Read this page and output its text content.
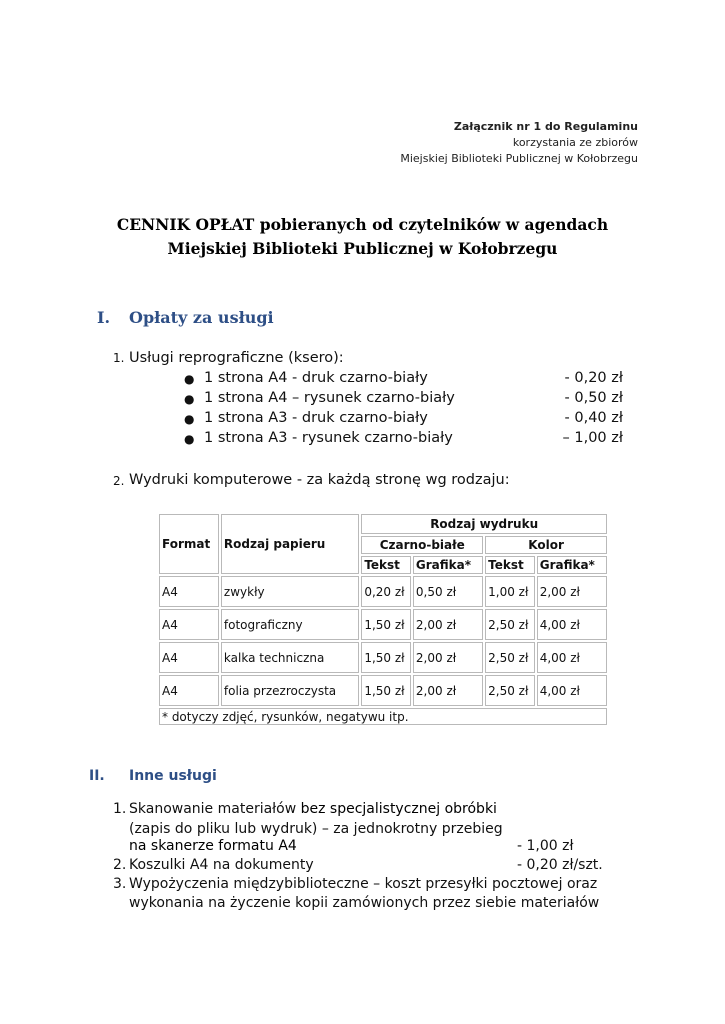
Załącznik nr 1 do Regulaminu
korzystania ze zbiorów
Miejskiej Biblioteki Publicznej w Kołobrzegu
CENNIK OPŁAT pobieranych od czytelników w agendach
Miejskiej Biblioteki Publicznej w Kołobrzegu
I. Opłaty za usługi
1. Usługi reprograficzne (ksero):
● 1 strona A4 - druk czarno-biały	- 0,20 zł
● 1 strona A4 – rysunek czarno-biały	- 0,50 zł
● 1 strona A3 - druk czarno-biały	- 0,40 zł
● 1 strona A3 - rysunek czarno-biały	– 1,00 zł
2. Wydruki komputerowe - za każdą stronę wg rodzaju:
Format	Rodzaj papieru	Rodzaj wydruku			
		Czarno-białe		Kolor	
		Tekst	Grafika*	Tekst	Grafika*
A4	zwykły	0,20 zł	0,50 zł	1,00 zł	2,00 zł
A4	fotograficzny	1,50 zł	2,00 zł	2,50 zł	4,00 zł
A4	kalka techniczna	1,50 zł	2,00 zł	2,50 zł	4,00 zł
A4	folia przezroczysta	1,50 zł	2,00 zł	2,50 zł	4,00 zł
* dotyczy zdjęć, rysunków, negatywu itp.					
II. Inne usługi
1. Skanowanie materiałów bez specjalistycznej obróbki
(zapis do pliku lub wydruk) – za jednokrotny przebieg
na skanerze formatu A4	- 1,00 zł
2. Koszulki A4 na dokumenty	- 0,20 zł/szt.
3. Wypożyczenia międzybiblioteczne – koszt przesyłki pocztowej oraz
wykonania na życzenie kopii zamówionych przez siebie materiałów
